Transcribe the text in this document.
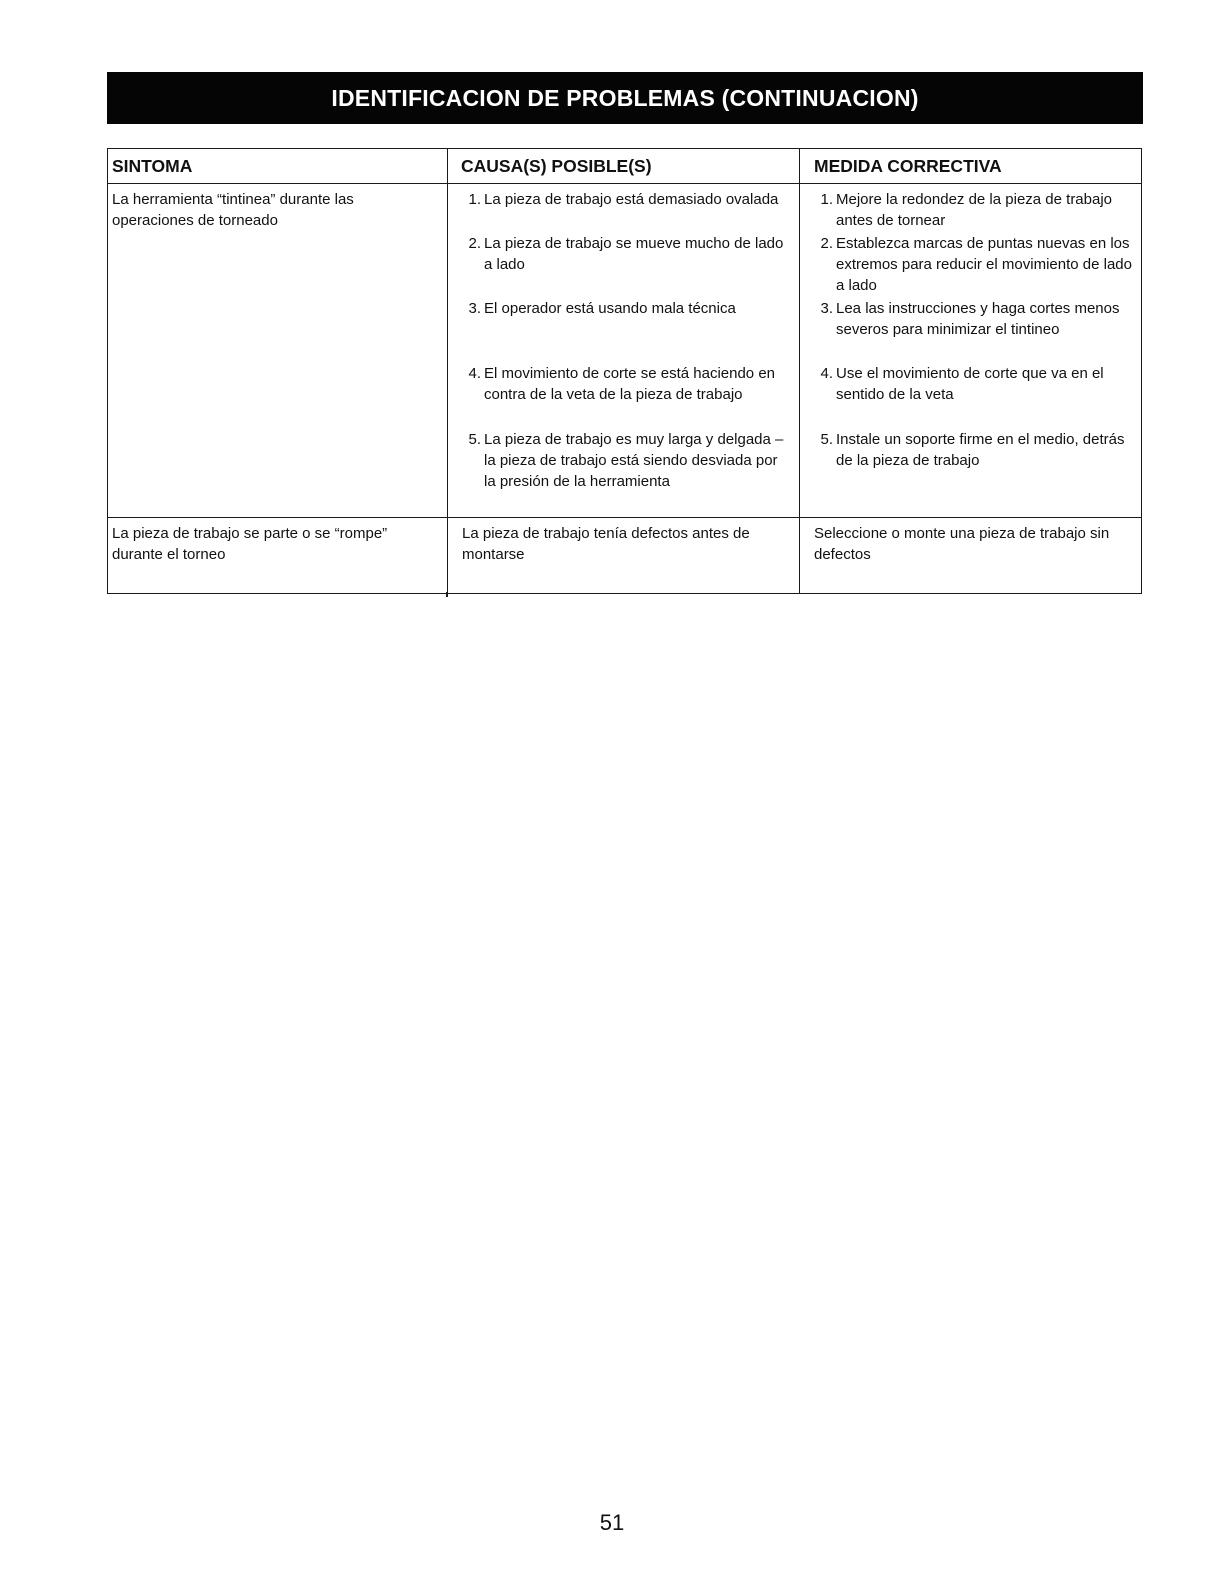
IDENTIFICACION DE PROBLEMAS (CONTINUACION)
SINTOMA	CAUSA(S) POSIBLE(S)	MEDIDA CORRECTIVA
La herramienta “tintinea” durante las operaciones de torneado
1. La pieza de trabajo está demasiado ovalada
2. La pieza de trabajo se mueve mucho de lado a lado
3. El operador está usando mala técnica
4. El movimiento de corte se está haciendo en contra de la veta de la pieza de trabajo
5. La pieza de trabajo es muy larga y delgada – la pieza de trabajo está siendo desviada por la presión de la herramienta
1. Mejore la redondez de la pieza de trabajo antes de tornear
2. Establezca marcas de puntas nuevas en los extremos para reducir el movimiento de lado a lado
3. Lea las instrucciones y haga cortes menos severos para minimizar el tintineo
4. Use el movimiento de corte que va en el sentido de la veta
5. Instale un soporte firme en el medio, detrás de la pieza de trabajo
La pieza de trabajo se parte o se “rompe” durante el torneo
La pieza de trabajo tenía defectos antes de montarse
Seleccione o monte una pieza de trabajo sin defectos
51
